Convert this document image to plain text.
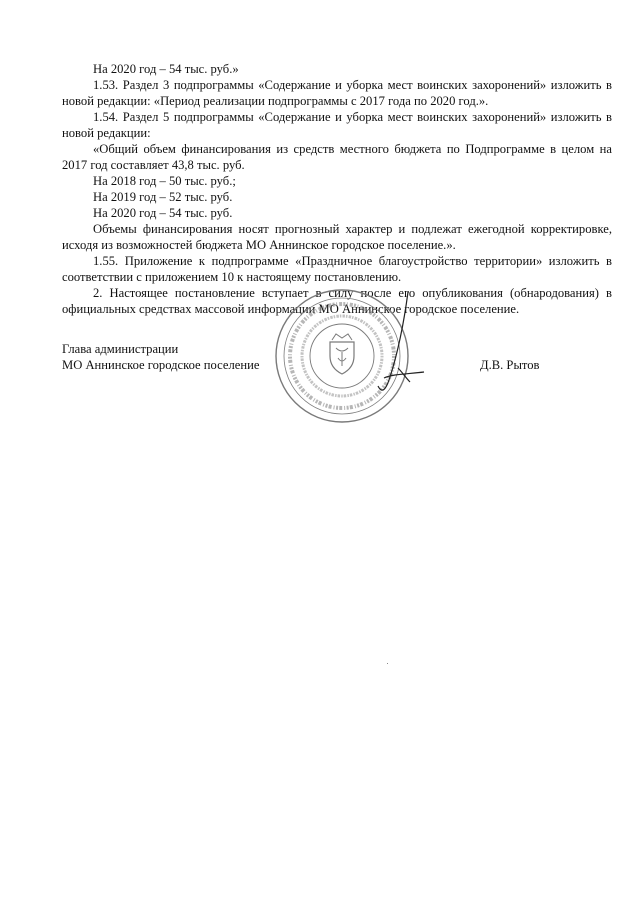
На 2020 год – 54 тыс. руб.»

1.53. Раздел 3 подпрограммы «Содержание и уборка мест воинских захоронений» изложить в

новой редакции: «Период реализации подпрограммы с 2017 года по 2020 год.».

1.54. Раздел 5 подпрограммы «Содержание и уборка мест воинских захоронений» изложить в

новой редакции:

«Общий объем финансирования из средств местного бюджета по Подпрограмме в целом на

2017 год составляет 43,8 тыс. руб.

На 2018 год – 50 тыс. руб.;

На 2019 год – 52 тыс. руб.

На 2020 год – 54 тыс. руб.

Объемы финансирования носят прогнозный характер и подлежат ежегодной корректировке,

исходя из возможностей бюджета МО Аннинское городское поселение.».

1.55. Приложение к подпрограмме «Праздничное благоустройство территории» изложить в

соответствии с приложением 10 к настоящему постановлению.

2. Настоящее постановление вступает в силу после его опубликования (обнародования) в

официальных средствах массовой информации МО Аннинское городское поселение.

Глава администрации

МО Аннинское городское поселение	Д.В. Рытов
